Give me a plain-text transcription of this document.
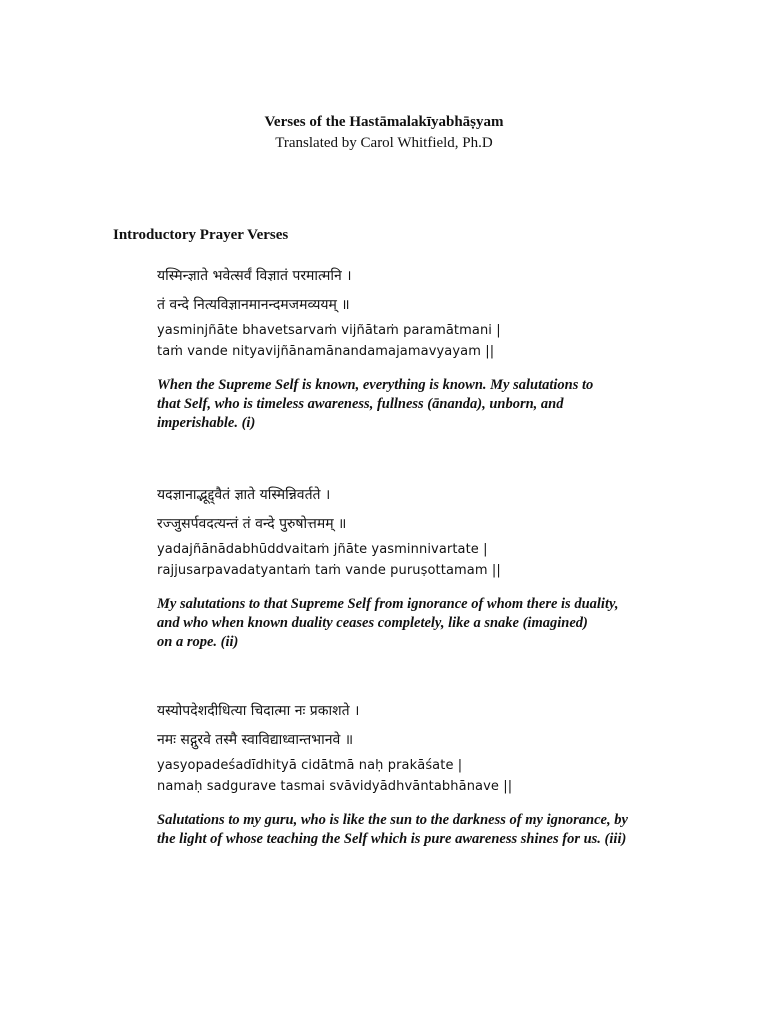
Verses of the Hastāmalakīyabhāṣyam
Translated by Carol Whitfield, Ph.D
Introductory Prayer Verses
यस्मिन्ज्ञाते भवेत्सर्वं विज्ञातं परमात्मनि ।
तं वन्दे नित्यविज्ञानमानन्दमजमव्ययम् ॥
yasminjñāte bhavetsarvaṁ vijñātaṁ paramātmani |
taṁ vande nityavijñānamānandamajamavyayam ||
When the Supreme Self is known, everything is known. My salutations to
that Self, who is timeless awareness, fullness (ānanda), unborn, and
imperishable. (i)
यदज्ञानाद्भूद्द्वैतं ज्ञाते यस्मिन्निवर्तते ।
रज्जुसर्पवदत्यन्तं तं वन्दे पुरुषोत्तमम् ॥
yadajñānādabhūddvaitaṁ jñāte yasminnivartate |
rajjusarpavadatyantaṁ taṁ vande puruṣottamam ||
My salutations to that Supreme Self from ignorance of whom there is duality,
and who when known duality ceases completely, like a snake (imagined)
on a rope. (ii)
यस्योपदेशदीधित्या चिदात्मा नः प्रकाशते ।
नमः सद्गुरवे तस्मै स्वाविद्याध्वान्तभानवे ॥
yasyopadeśadīdhityā cidātmā naḥ prakāśate |
namaḥ sadgurave tasmai svāvidyādhvāntabhānave ||
Salutations to my guru, who is like the sun to the darkness of my ignorance, by
the light of whose teaching the Self which is pure awareness shines for us. (iii)
